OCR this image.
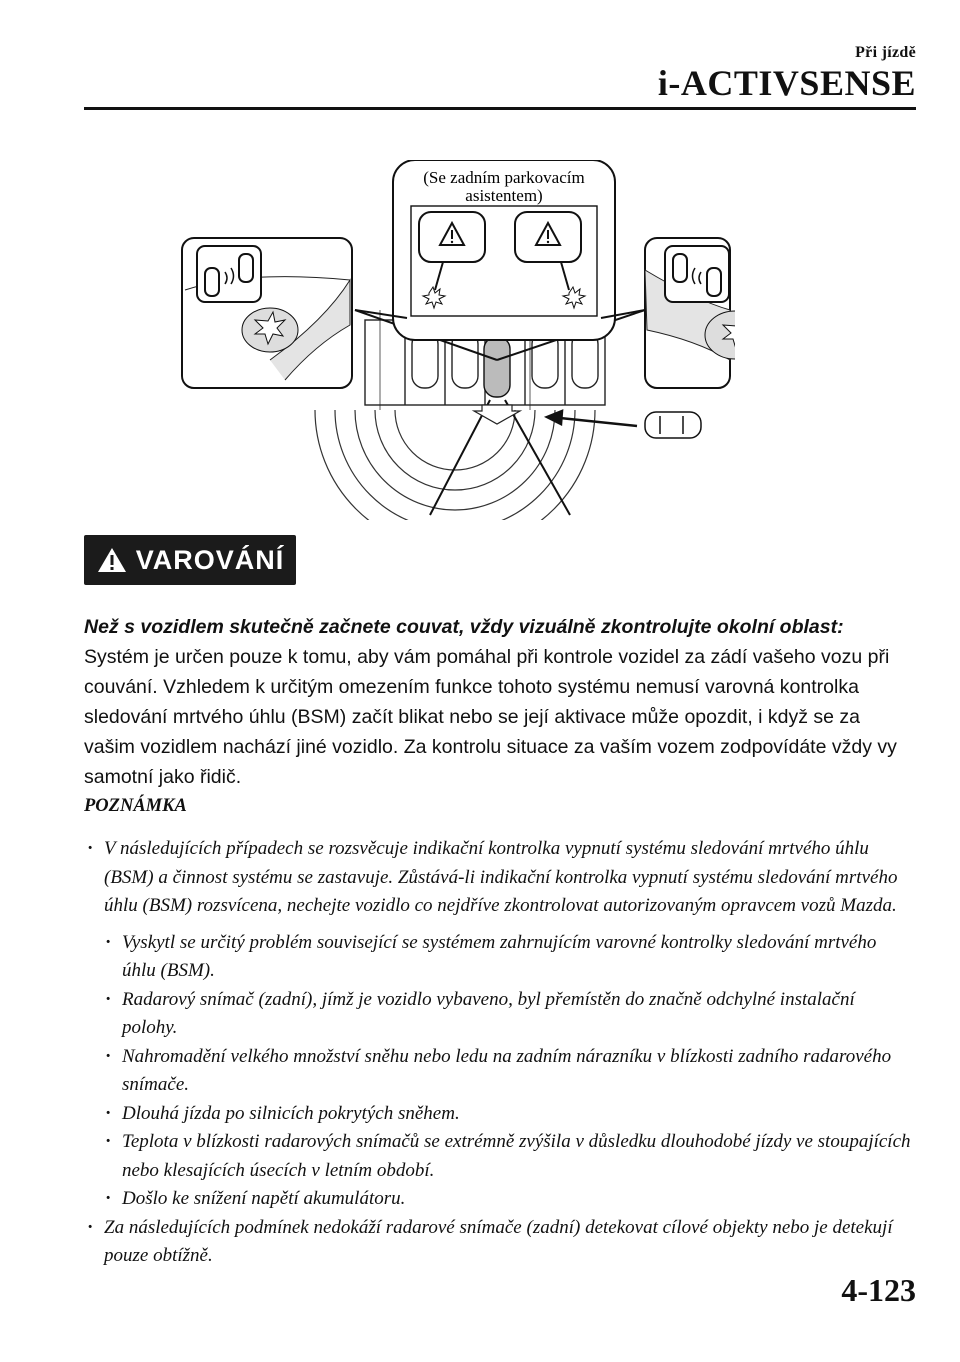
Při jízdě
i-ACTIVSENSE
(Se zadním parkovacím
asistentem)
VAROVÁNÍ
Než s vozidlem skutečně začnete couvat, vždy vizuálně zkontrolujte okolní oblast:
Systém je určen pouze k tomu, aby vám pomáhal při kontrole vozidel za zádí vašeho vozu při couvání. Vzhledem k určitým omezením funkce tohoto systému nemusí varovná kontrolka sledování mrtvého úhlu (BSM) začít blikat nebo se její aktivace může opozdit, i když se za vašim vozidlem nachází jiné vozidlo. Za kontrolu situace za vaším vozem zodpovídáte vždy vy samotní jako řidič.
POZNÁMKA
· V následujících případech se rozsvěcuje indikační kontrolka vypnutí systému sledování mrtvého úhlu (BSM) a činnost systému se zastavuje. Zůstává-li indikační kontrolka vypnutí systému sledování mrtvého úhlu (BSM) rozsvícena, nechejte vozidlo co nejdříve zkontrolovat autorizovaným opravcem vozů Mazda.
· Vyskytl se určitý problém související se systémem zahrnujícím varovné kontrolky sledování mrtvého úhlu (BSM).
· Radarový snímač (zadní), jímž je vozidlo vybaveno, byl přemístěn do značně odchylné instalační polohy.
· Nahromadění velkého množství sněhu nebo ledu na zadním nárazníku v blízkosti zadního radarového snímače.
· Dlouhá jízda po silnicích pokrytých sněhem.
· Teplota v blízkosti radarových snímačů se extrémně zvýšila v důsledku dlouhodobé jízdy ve stoupajících nebo klesajících úsecích v letním období.
· Došlo ke snížení napětí akumulátoru.
· Za následujících podmínek nedokáží radarové snímače (zadní) detekovat cílové objekty nebo je detekují pouze obtížně.
4-123
